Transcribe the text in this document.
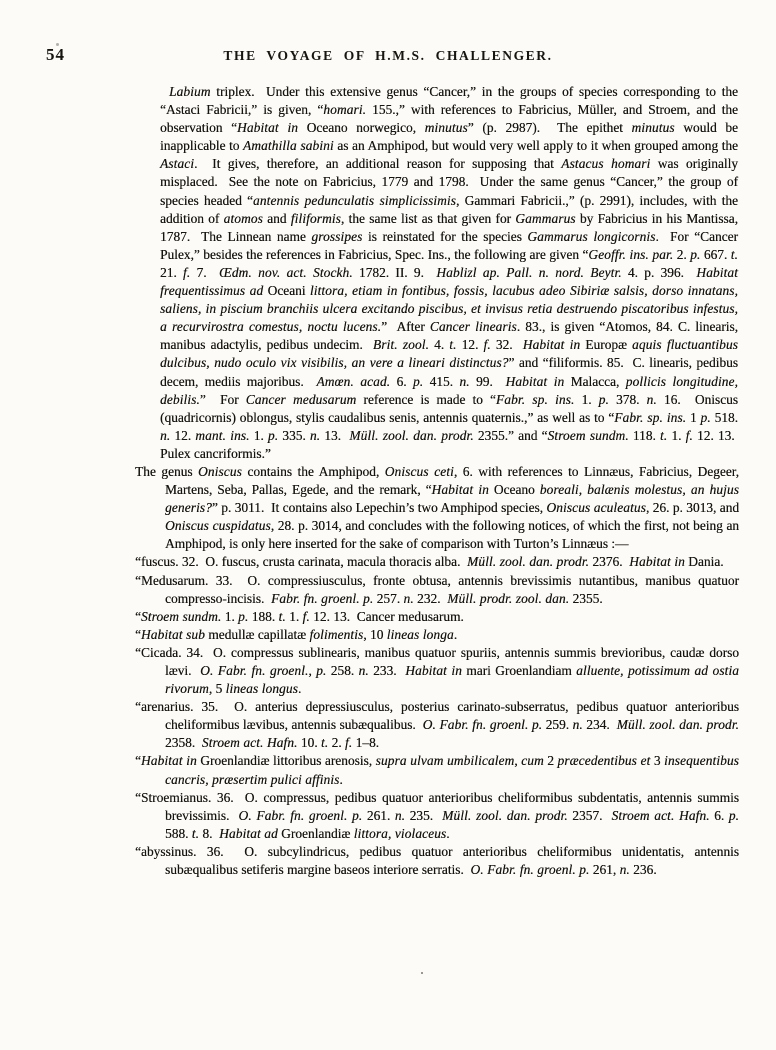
54	THE VOYAGE OF H.M.S. CHALLENGER.

Labium triplex.  Under this extensive genus “Cancer,” in the groups of species corresponding to the “Astaci Fabricii,” is given, “homari. 155.,” with references to Fabricius, Müller, and Stroem, and the observation “Habitat in Oceano norwegico, minutus” (p. 2987).  The epithet minutus would be inapplicable to Amathilla sabini as an Amphipod, but would very well apply to it when grouped among the Astaci.  It gives, therefore, an additional reason for supposing that Astacus homari was originally misplaced.  See the note on Fabricius, 1779 and 1798.  Under the same genus “Cancer,” the group of species headed “antennis pedunculatis simplicissimis, Gammari Fabricii.,” (p. 2991), includes, with the addition of atomos and filiformis, the same list as that given for Gammarus by Fabricius in his Mantissa, 1787.  The Linnean name grossipes is reinstated for the species Gammarus longicornis.  For “Cancer Pulex,” besides the references in Fabricius, Spec. Ins., the following are given “Geoffr. ins. par. 2. p. 667. t. 21. f. 7.  Œdm. nov. act. Stockh. 1782. II. 9.  Hablizl ap. Pall. n. nord. Beytr. 4. p. 396.  Habitat frequentissimus ad Oceani littora, etiam in fontibus, fossis, lacubus adeo Sibiriæ salsis, dorso innatans, saliens, in piscium branchiis ulcera excitando piscibus, et invisus retia destruendo piscatoribus infestus, a recurvirostra comestus, noctu lucens.”  After Cancer linearis. 83., is given “Atomos, 84. C. linearis, manibus adactylis, pedibus undecim.  Brit. zool. 4. t. 12. f. 32.  Habitat in Europæ aquis fluctuantibus dulcibus, nudo oculo vix visibilis, an vere a lineari distinctus?” and “filiformis. 85.  C. linearis, pedibus decem, mediis majoribus.  Amœn. acad. 6. p. 415. n. 99.  Habitat in Malacca, pollicis longitudine, debilis.”  For Cancer medusarum reference is made to “Fabr. sp. ins. 1. p. 378. n. 16.  Oniscus (quadricornis) oblongus, stylis caudalibus senis, antennis quaternis.,” as well as to “Fabr. sp. ins. 1 p. 518. n. 12. mant. ins. 1. p. 335. n. 13.  Müll. zool. dan. prodr. 2355.” and “Stroem sundm. 118. t. 1. f. 12. 13.  Pulex cancriformis.”

The genus Oniscus contains the Amphipod, Oniscus ceti, 6. with references to Linnæus, Fabricius, Degeer, Martens, Seba, Pallas, Egede, and the remark, “Habitat in Oceano boreali, balænis molestus, an hujus generis?” p. 3011.  It contains also Lepechin’s two Amphipod species, Oniscus aculeatus, 26. p. 3013, and Oniscus cuspidatus, 28. p. 3014, and concludes with the following notices, of which the first, not being an Amphipod, is only here inserted for the sake of comparison with Turton’s Linnæus :—

“fuscus. 32.  O. fuscus, crusta carinata, macula thoracis alba.  Müll. zool. dan. prodr. 2376.  Habitat in Dania.

“Medusarum. 33.  O. compressiusculus, fronte obtusa, antennis brevissimis nutantibus, manibus quatuor compresso-incisis.  Fabr. fn. groenl. p. 257. n. 232.  Müll. prodr. zool. dan. 2355.

“Stroem sundm. 1. p. 188. t. 1. f. 12. 13.  Cancer medusarum.

“Habitat sub medullæ capillatæ folimentis, 10 lineas longa.

“Cicada. 34.  O. compressus sublinearis, manibus quatuor spuriis, antennis summis brevioribus, caudæ dorso lævi.  O. Fabr. fn. groenl., p. 258. n. 233.  Habitat in mari Groenlandiam alluente, potissimum ad ostia rivorum, 5 lineas longus.

“arenarius. 35.  O. anterius depressiusculus, posterius carinato-subserratus, pedibus quatuor anterioribus cheliformibus lævibus, antennis subæqualibus.  O. Fabr. fn. groenl. p. 259. n. 234.  Müll. zool. dan. prodr. 2358.  Stroem act. Hafn. 10. t. 2. f. 1–8.

“Habitat in Groenlandiæ littoribus arenosis, supra ulvam umbilicalem, cum 2 præcedentibus et 3 insequentibus cancris, præsertim pulici affinis.

“Stroemianus. 36.  O. compressus, pedibus quatuor anterioribus cheliformibus subdentatis, antennis summis brevissimis.  O. Fabr. fn. groenl. p. 261. n. 235.  Müll. zool. dan. prodr. 2357.  Stroem act. Hafn. 6. p. 588. t. 8.  Habitat ad Groenlandiæ littora, violaceus.

“abyssinus. 36.  O. subcylindricus, pedibus quatuor anterioribus cheliformibus unidentatis, antennis subæqualibus setiferis margine baseos interiore serratis.  O. Fabr. fn. groenl. p. 261, n. 236.
